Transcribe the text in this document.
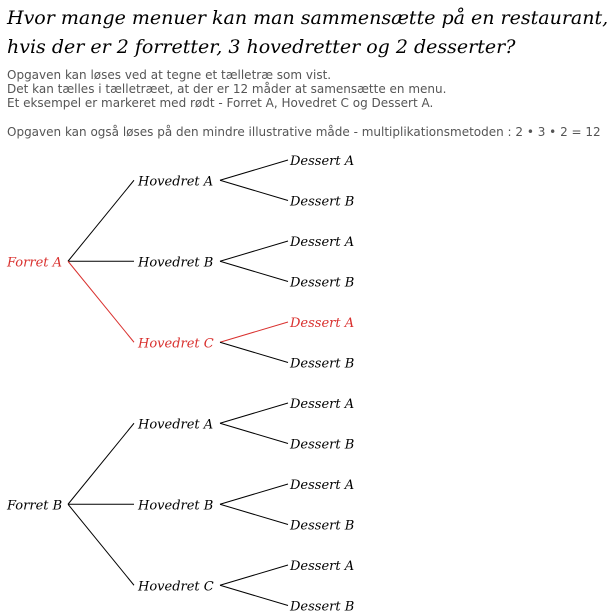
Hvor mange menuer kan man sammensætte på en restaurant,
hvis der er 2 forretter, 3 hovedretter og 2 desserter?
Opgaven kan løses ved at tegne et tælletræ som vist.
Det kan tælles i tælletræet, at der er 12 måder at samensætte en menu.
Et eksempel er markeret med rødt - Forret A, Hovedret C og Dessert A.
Opgaven kan også løses på den mindre illustrative måde - multiplikationsmetoden : 2 • 3 • 2 = 12
Forret A
Hovedret A
Dessert A
Dessert B
Hovedret B
Dessert A
Dessert B
Hovedret C
Dessert A
Dessert B
Forret B
Hovedret A
Dessert A
Dessert B
Hovedret B
Dessert A
Dessert B
Hovedret C
Dessert A
Dessert B
